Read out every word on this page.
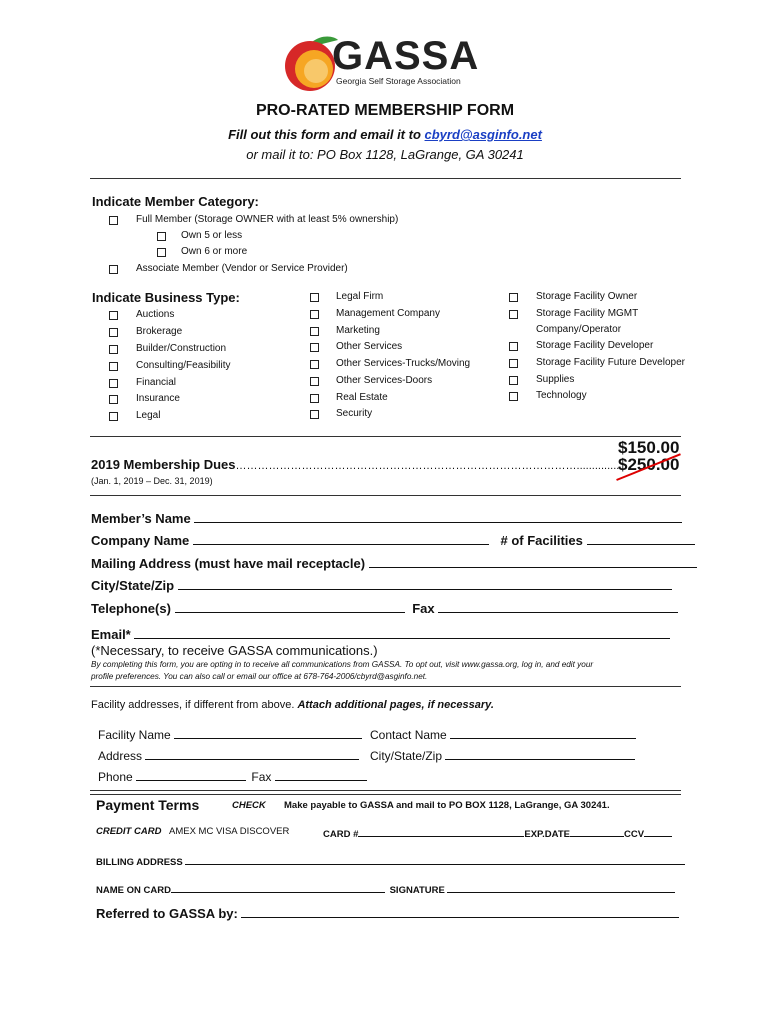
GASSA
Georgia Self Storage Association
PRO-RATED MEMBERSHIP FORM
Fill out this form and email it to cbyrd@asginfo.net
or mail it to: PO Box 1128, LaGrange, GA 30241
Indicate Member Category:
Full Member (Storage OWNER with at least 5% ownership)
Own 5 or less
Own 6 or more
Associate Member (Vendor or Service Provider)
Indicate Business Type:
Auctions
Brokerage
Builder/Construction
Consulting/Feasibility
Financial
Insurance
Legal
Legal Firm
Management Company
Marketing
Other Services
Other Services-Trucks/Moving
Other Services-Doors
Real Estate
Security
Storage Facility Owner
Storage Facility MGMT
Company/Operator
Storage Facility Developer
Storage Facility Future Developer
Supplies
Technology
$150.00
2019 Membership Dues…………………………………………………………………………………..............
$250.00
(Jan. 1, 2019 – Dec. 31, 2019)
Member’s Name
Company Name	# of Facilities
Mailing Address (must have mail receptacle)
City/State/Zip
Telephone(s)	Fax
Email*
(*Necessary, to receive GASSA communications.)
By completing this form, you are opting in to receive all communications from GASSA. To opt out, visit www.gassa.org, log in, and edit your
profile preferences. You can also call or email our office at 678-764-2006/cbyrd@asginfo.net.
Facility addresses, if different from above. Attach additional pages, if necessary.
Facility Name	Contact Name
Address	City/State/Zip
Phone	Fax
Payment Terms	CHECK Make payable to GASSA and mail to PO BOX 1128, LaGrange, GA 30241.
CREDIT CARD AMEX MC VISA DISCOVER	CARD #	EXP.DATE	CCV
BILLING ADDRESS
NAME ON CARD	SIGNATURE
Referred to GASSA by:
